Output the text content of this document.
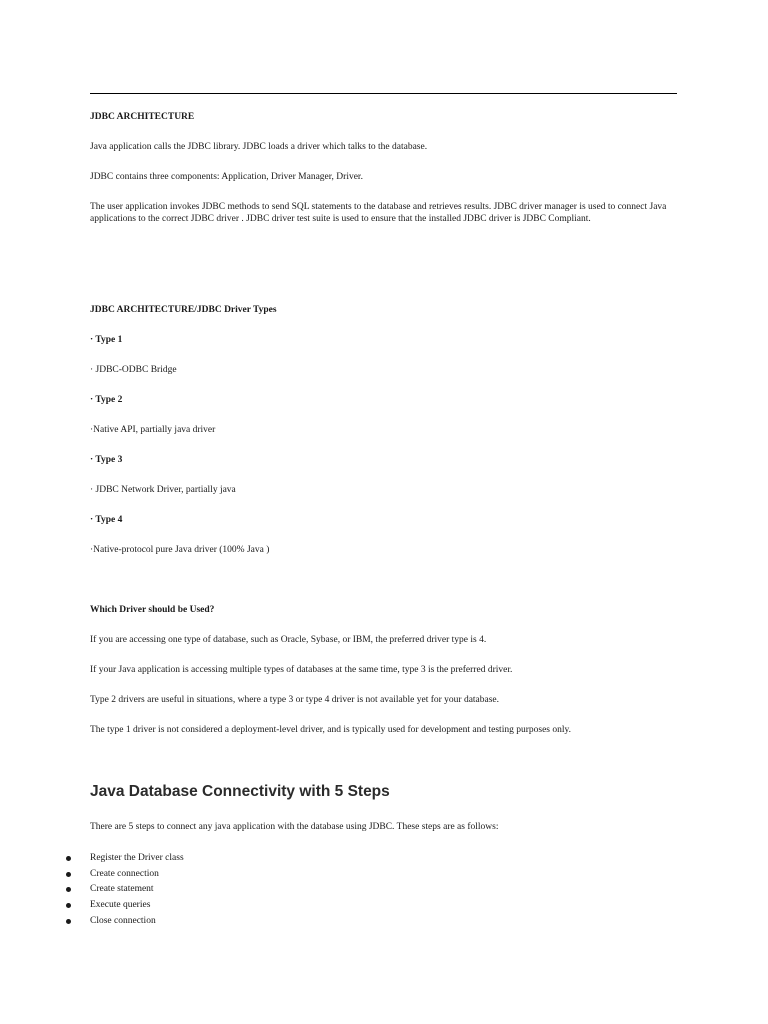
JDBC ARCHITECTURE

Java application calls the JDBC library. JDBC loads a driver which talks to the database.

JDBC contains three components: Application, Driver Manager, Driver.

The user application invokes JDBC methods to send SQL statements to the database and retrieves results. JDBC driver manager is used to connect Java applications to the correct JDBC driver . JDBC driver test suite is used to ensure that the installed JDBC driver is JDBC Compliant.

JDBC ARCHITECTURE/JDBC Driver Types

· Type 1

· JDBC-ODBC Bridge

· Type 2

·Native API, partially java driver

· Type 3

· JDBC Network Driver, partially java

· Type 4

·Native-protocol pure Java driver (100% Java )

Which Driver should be Used?

If you are accessing one type of database, such as Oracle, Sybase, or IBM, the preferred driver type is 4.

If your Java application is accessing multiple types of databases at the same time, type 3 is the preferred driver.

Type 2 drivers are useful in situations, where a type 3 or type 4 driver is not available yet for your database.

The type 1 driver is not considered a deployment-level driver, and is typically used for development and testing purposes only.

Java Database Connectivity with 5 Steps

There are 5 steps to connect any java application with the database using JDBC. These steps are as follows:

Register the Driver class
Create connection
Create statement
Execute queries
Close connection
